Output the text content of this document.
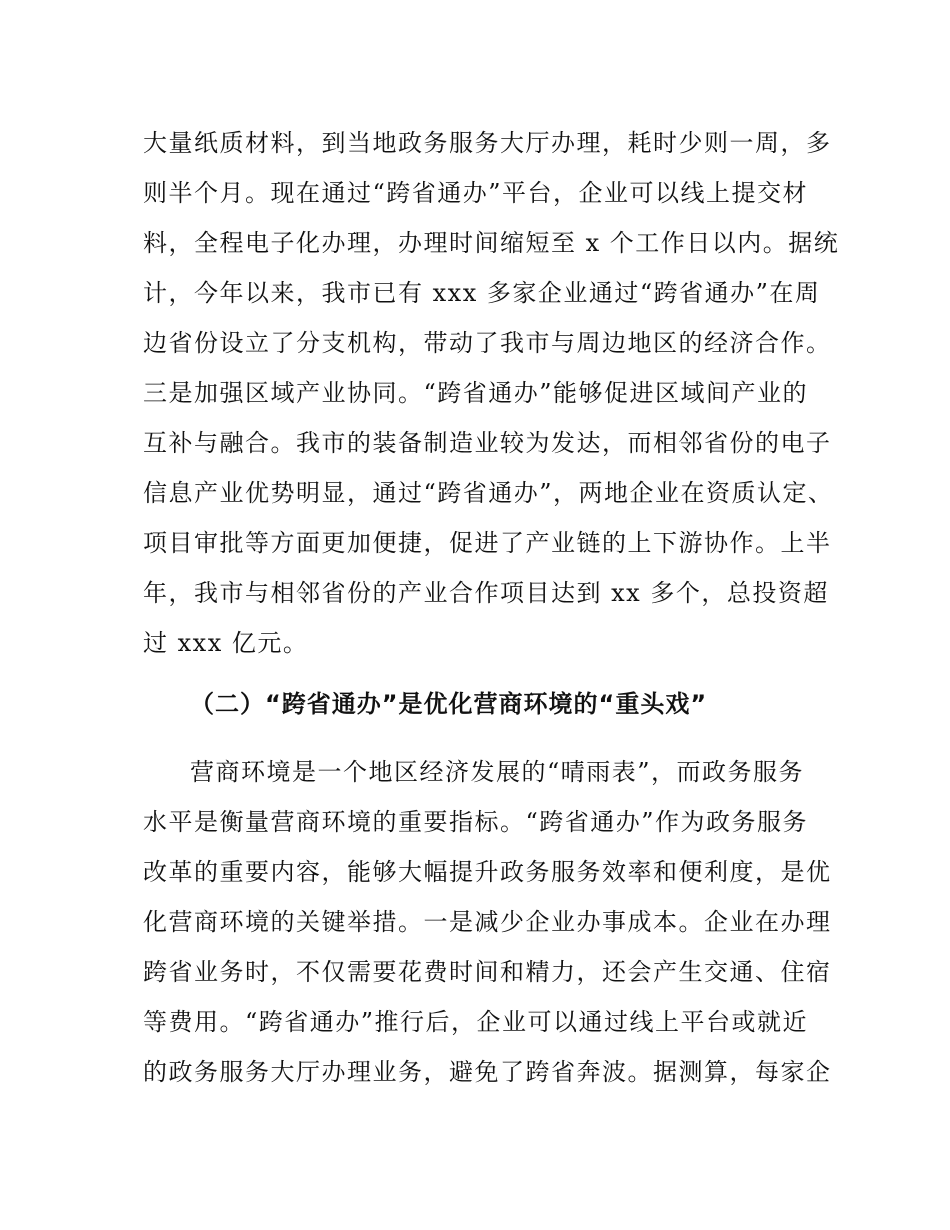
大量纸质材料，到当地政务服务大厅办理，耗时少则一周，多
则半个月。现在通过“跨省通办”平台，企业可以线上提交材
料，全程电子化办理，办理时间缩短至 x 个工作日以内。据统
计，今年以来，我市已有 xxx 多家企业通过“跨省通办”在周
边省份设立了分支机构，带动了我市与周边地区的经济合作。
三是加强区域产业协同。“跨省通办”能够促进区域间产业的
互补与融合。我市的装备制造业较为发达，而相邻省份的电子
信息产业优势明显，通过“跨省通办”，两地企业在资质认定、
项目审批等方面更加便捷，促进了产业链的上下游协作。上半
年，我市与相邻省份的产业合作项目达到 xx 多个，总投资超
过 xxx 亿元。
（二）“跨省通办”是优化营商环境的“重头戏”
营商环境是一个地区经济发展的“晴雨表”，而政务服务
水平是衡量营商环境的重要指标。“跨省通办”作为政务服务
改革的重要内容，能够大幅提升政务服务效率和便利度，是优
化营商环境的关键举措。一是减少企业办事成本。企业在办理
跨省业务时，不仅需要花费时间和精力，还会产生交通、住宿
等费用。“跨省通办”推行后，企业可以通过线上平台或就近
的政务服务大厅办理业务，避免了跨省奔波。据测算，每家企
